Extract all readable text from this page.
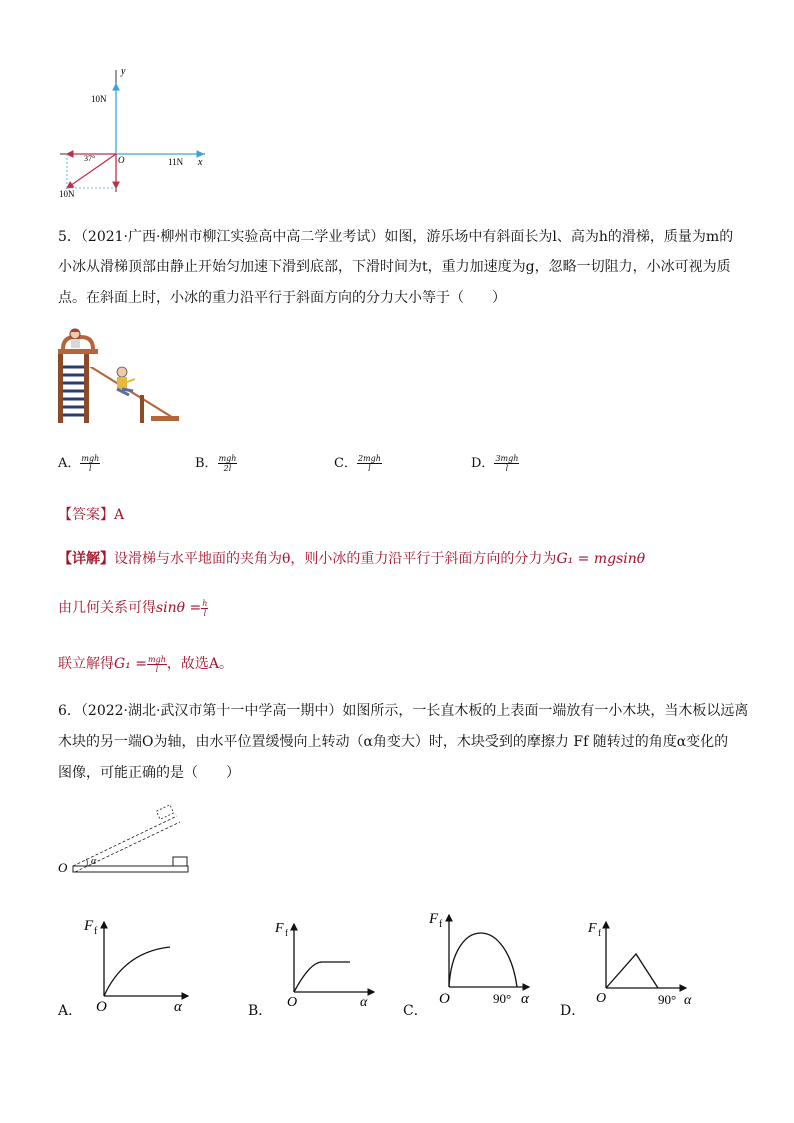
y
10N
37°	O	11N x
10N
5．（2021·广西·柳州市柳江实验高中高二学业考试）如图，游乐场中有斜面长为l、高为h的滑梯，质量为m的
小冰从滑梯顶部由静止开始匀加速下滑到底部，下滑时间为t，重力加速度为g，忽略一切阻力，小冰可视为质
点。在斜面上时，小冰的重力沿平行于斜面方向的分力大小等于（　　）
A． $\frac{\text{mgh}}{l}$	B． $\frac{\text{mgh}}{2l}$	C． $\frac{\text{2mgh}}{l}$	D． $\frac{\text{3mgh}}{l}$
【答案】A
【详解】设滑梯与水平地面的夹角为θ，则小冰的重力沿平行于斜面方向的分力为G₁ = mgsinθ
由几何关系可得$\sin\theta = \frac{h}{l}$
联立解得$G_1 = \frac{\text{mgh}}{l}$ ，故选A。
6．（2022·湖北·武汉市第十一中学高一期中）如图所示，一长直木板的上表面一端放有一小木块，当木板以远离
木块的另一端O为轴，由水平位置缓慢向上转动（α角变大）时，木块受到的摩擦力 Ff 随转过的角度α变化的
图像，可能正确的是（　　）
O α
A．
F f
O	α	B．
F f
O	α
C．
F f
O	90° α
D．
F f
O	90° α
